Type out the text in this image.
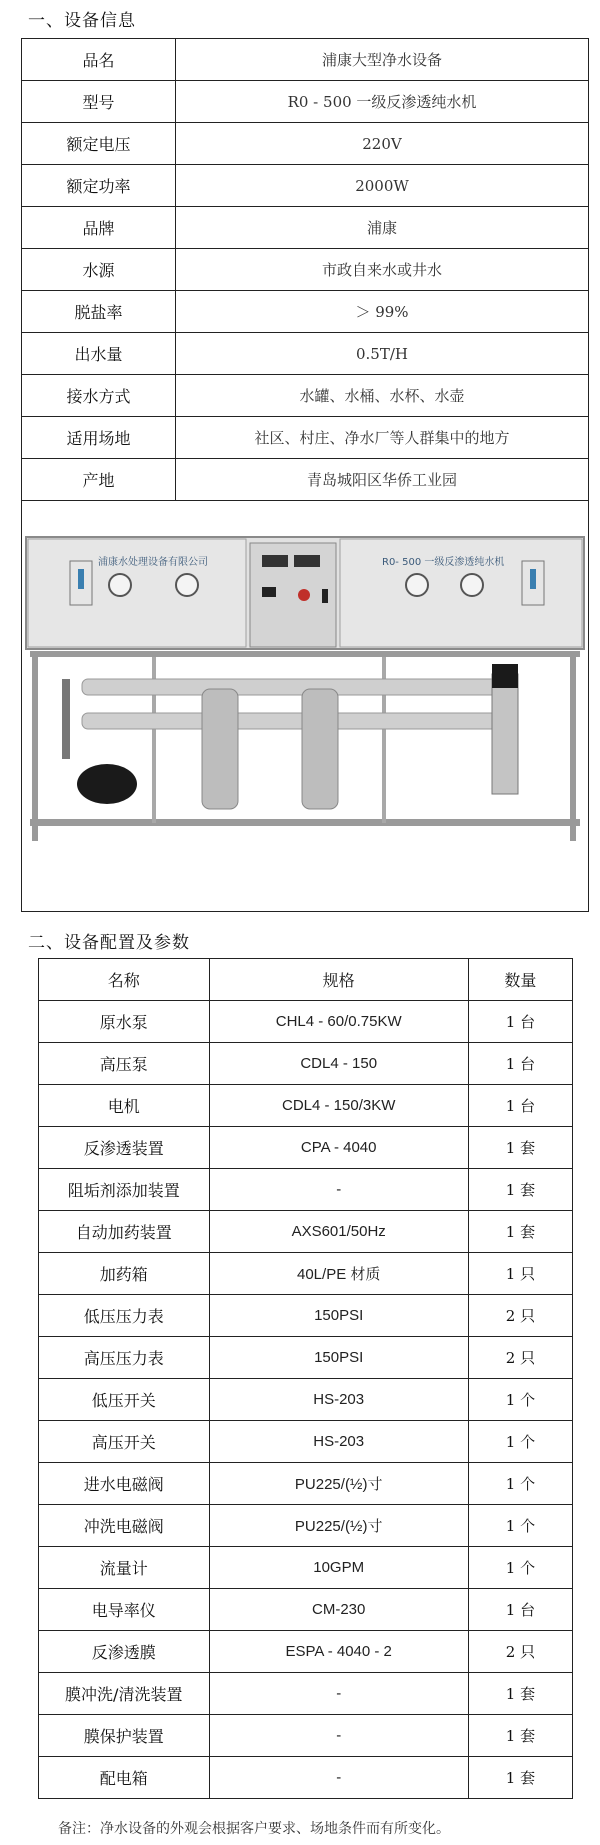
一、设备信息
品名	浦康大型净水设备
型号	R0 - 500 一级反渗透纯水机
额定电压	220V
额定功率	2000W
品牌	浦康
水源	市政自来水或井水
脱盐率	＞ 99%
出水量	0.5T/H
接水方式	水罐、水桶、水杯、水壶
适用场地	社区、村庄、净水厂等人群集中的地方
产地	青岛城阳区华侨工业园
浦康水处理设备有限公司	R0- 500 一级反渗透纯水机
二、设备配置及参数
名称	规格	数量
原水泵	CHL4 - 60/0.75KW	1 台
高压泵	CDL4 - 150	1 台
电机	CDL4 - 150/3KW	1 台
反渗透装置	CPA - 4040	1 套
阻垢剂添加装置	-	1 套
自动加药装置	AXS601/50Hz	1 套
加药箱	40L/PE 材质	1 只
低压压力表	150PSI	2 只
高压压力表	150PSI	2 只
低压开关	HS-203	1 个
高压开关	HS-203	1 个
进水电磁阀	PU225/(½)寸	1 个
冲洗电磁阀	PU225/(½)寸	1 个
流量计	10GPM	1 个
电导率仪	CM-230	1 台
反渗透膜	ESPA - 4040 - 2	2 只
膜冲洗/清洗装置	-	1 套
膜保护装置	-	1 套
配电箱	-	1 套
备注：净水设备的外观会根据客户要求、场地条件而有所变化。
